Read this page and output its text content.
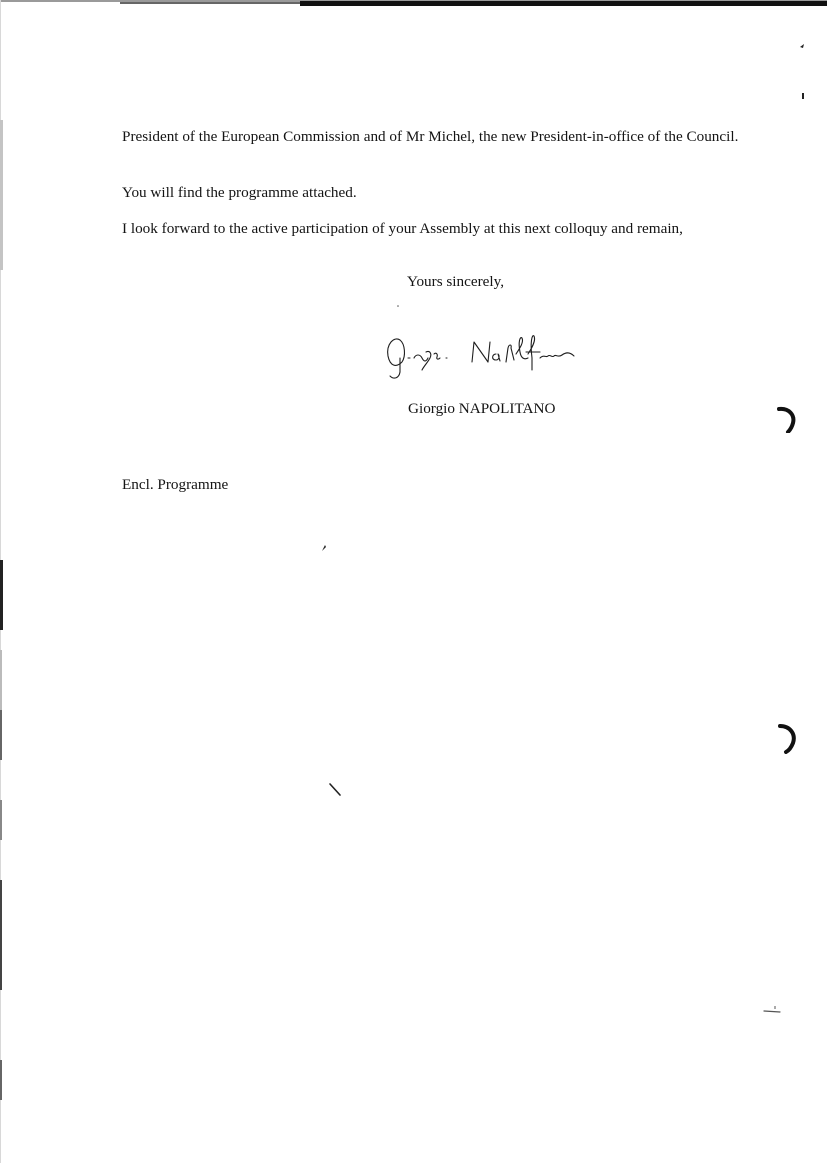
President of the European Commission and of Mr Michel, the new President-in-office of the Council.

You will find the programme attached.

I look forward to the active participation of your Assembly at this next colloquy and remain,

Yours sincerely,

G. Napolitano

Giorgio NAPOLITANO

Encl. Programme
